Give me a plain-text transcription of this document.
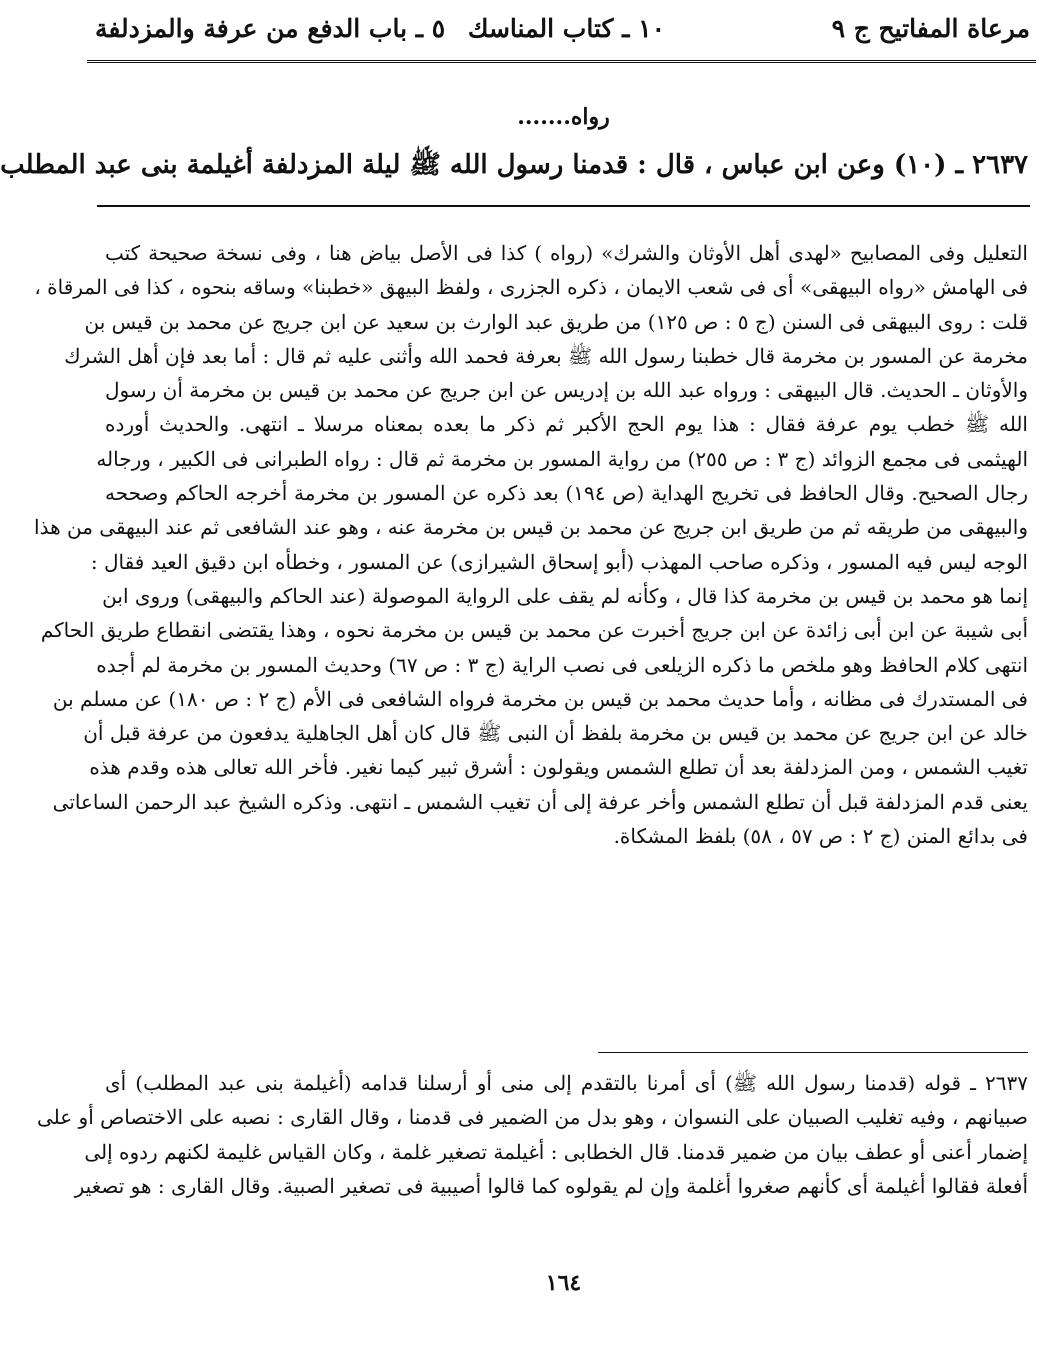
مرعاة المفاتيح ج ٩
١٠ ـ كتاب المناسك
٥ ـ باب الدفع من عرفة والمزدلفة
رواه.......
٢٦٣٧ ـ (١٠) وعن ابن عباس ، قال : قدمنا رسول الله ﷺ ليلة المزدلفة أغيلمة بنى عبد المطلب
التعليل وفى المصابيح «لهدى أهل الأوثان والشرك» (رواه ) كذا فى الأصل بياض هنا ، وفى نسخة صحيحة كتب
فى الهامش «رواه البيهقى» أى فى شعب الايمان ، ذكره الجزرى ، ولفظ البيهق «خطبنا» وساقه بنحوه ، كذا فى المرقاة ،
قلت : روى البيهقى فى السنن (ج ٥ : ص ١٢٥) من طريق عبد الوارث بن سعيد عن ابن جريج عن محمد بن قيس بن
مخرمة عن المسور بن مخرمة قال خطبنا رسول الله ﷺ بعرفة فحمد الله وأثنى عليه ثم قال : أما بعد فإن أهل الشرك
والأوثان ـ الحديث. قال البيهقى : ورواه عبد الله بن إدريس عن ابن جريج عن محمد بن قيس بن مخرمة أن رسول
الله ﷺ خطب يوم عرفة فقال : هذا يوم الحج الأكبر ثم ذكر ما بعده بمعناه مرسلا ـ انتهى. والحديث أورده
الهيثمى فى مجمع الزوائد (ج ٣ : ص ٢٥٥) من رواية المسور بن مخرمة ثم قال : رواه الطبرانى فى الكبير ، ورجاله
رجال الصحيح. وقال الحافظ فى تخريج الهداية (ص ١٩٤) بعد ذكره عن المسور بن مخرمة أخرجه الحاكم وصححه
والبيهقى من طريقه ثم من طريق ابن جريج عن محمد بن قيس بن مخرمة عنه ، وهو عند الشافعى ثم عند البيهقى من هذا
الوجه ليس فيه المسور ، وذكره صاحب المهذب (أبو إسحاق الشيرازى) عن المسور ، وخطأه ابن دقيق العيد فقال :
إنما هو محمد بن قيس بن مخرمة كذا قال ، وكأنه لم يقف على الرواية الموصولة (عند الحاكم والبيهقى) وروى ابن
أبى شيبة عن ابن أبى زائدة عن ابن جريج أخبرت عن محمد بن قيس بن مخرمة نحوه ، وهذا يقتضى انقطاع طريق الحاكم
انتهى كلام الحافظ وهو ملخص ما ذكره الزيلعى فى نصب الراية (ج ٣ : ص ٦٧) وحديث المسور بن مخرمة لم أجده
فى المستدرك فى مظانه ، وأما حديث محمد بن قيس بن مخرمة فرواه الشافعى فى الأم (ج ٢ : ص ١٨٠) عن مسلم بن
خالد عن ابن جريج عن محمد بن قيس بن مخرمة بلفظ أن النبى ﷺ قال كان أهل الجاهلية يدفعون من عرفة قبل أن
تغيب الشمس ، ومن المزدلفة بعد أن تطلع الشمس ويقولون : أشرق ثبير كيما نغير. فأخر الله تعالى هذه وقدم هذه
يعنى قدم المزدلفة قبل أن تطلع الشمس وأخر عرفة إلى أن تغيب الشمس ـ انتهى. وذكره الشيخ عبد الرحمن الساعاتى
فى بدائع المنن (ج ٢ : ص ٥٧ ، ٥٨) بلفظ المشكاة.
٢٦٣٧ ـ قوله (قدمنا رسول الله ﷺ) أى أمرنا بالتقدم إلى منى أو أرسلنا قدامه (أغيلمة بنى عبد المطلب) أى
صبيانهم ، وفيه تغليب الصبيان على النسوان ، وهو بدل من الضمير فى قدمنا ، وقال القارى : نصبه على الاختصاص أو على
إضمار أعنى أو عطف بيان من ضمير قدمنا. قال الخطابى : أغيلمة تصغير غلمة ، وكان القياس غليمة لكنهم ردوه إلى
أفعلة فقالوا أغيلمة أى كأنهم صغروا أغلمة وإن لم يقولوه كما قالوا أصيبية فى تصغير الصبية. وقال القارى : هو تصغير
١٦٤
